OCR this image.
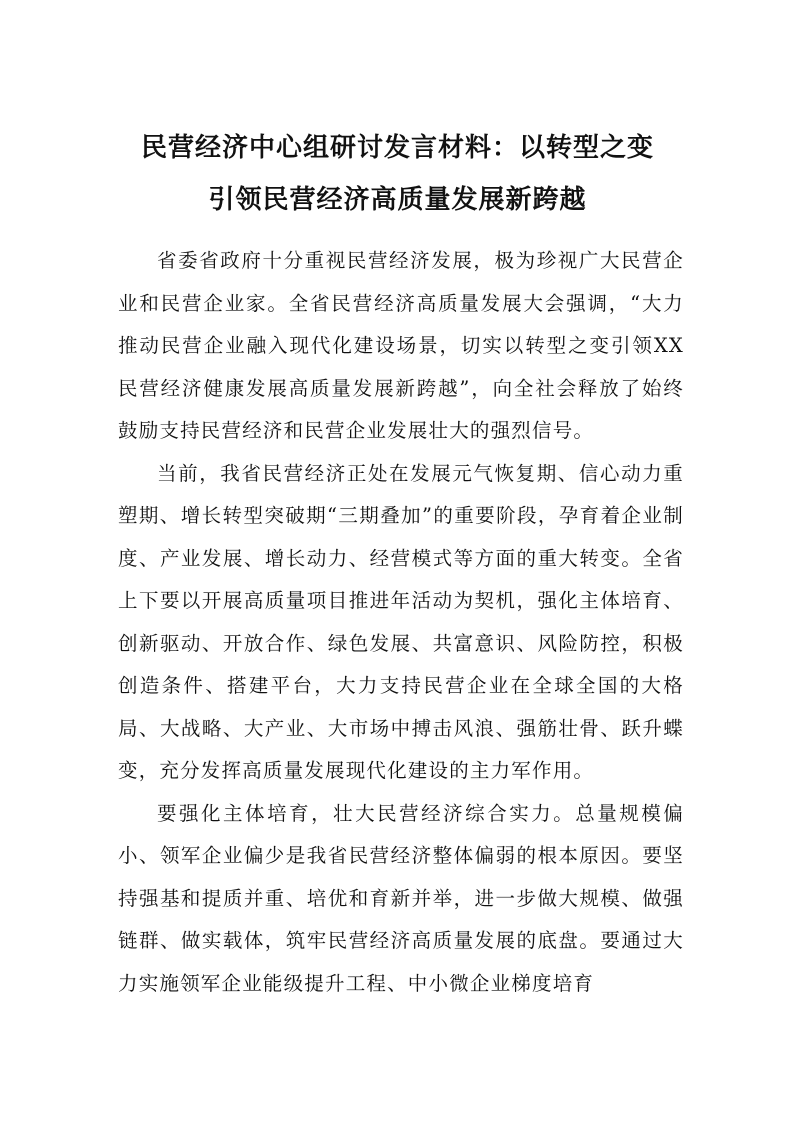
民营经济中心组研讨发言材料：以转型之变
引领民营经济高质量发展新跨越

省委省政府十分重视民营经济发展，极为珍视广大民营企业和民营企业家。全省民营经济高质量发展大会强调，“大力推动民营企业融入现代化建设场景，切实以转型之变引领XX民营经济健康发展高质量发展新跨越”，向全社会释放了始终鼓励支持民营经济和民营企业发展壮大的强烈信号。

当前，我省民营经济正处在发展元气恢复期、信心动力重塑期、增长转型突破期“三期叠加”的重要阶段，孕育着企业制度、产业发展、增长动力、经营模式等方面的重大转变。全省上下要以开展高质量项目推进年活动为契机，强化主体培育、创新驱动、开放合作、绿色发展、共富意识、风险防控，积极创造条件、搭建平台，大力支持民营企业在全球全国的大格局、大战略、大产业、大市场中搏击风浪、强筋壮骨、跃升蝶变，充分发挥高质量发展现代化建设的主力军作用。

要强化主体培育，壮大民营经济综合实力。总量规模偏小、领军企业偏少是我省民营经济整体偏弱的根本原因。要坚持强基和提质并重、培优和育新并举，进一步做大规模、做强链群、做实载体，筑牢民营经济高质量发展的底盘。要通过大力实施领军企业能级提升工程、中小微企业梯度培育
